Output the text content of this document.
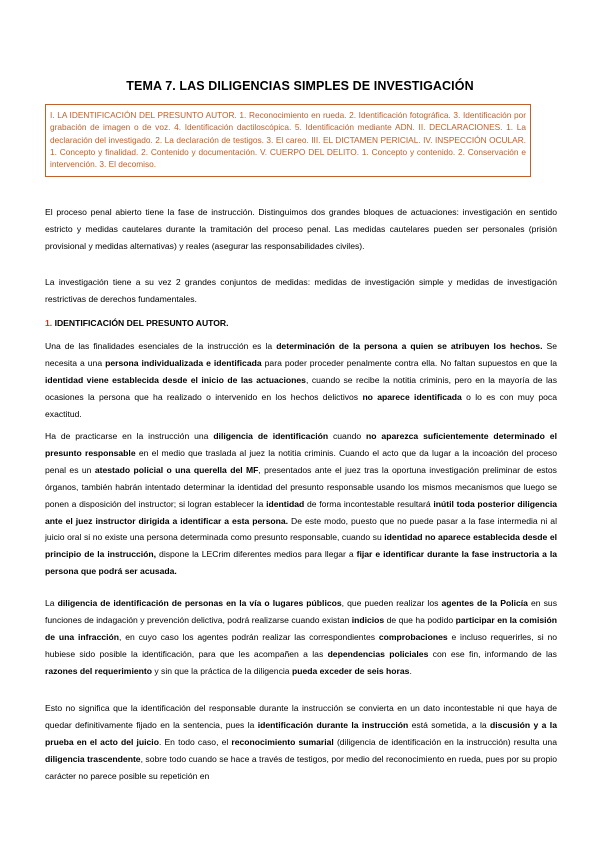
TEMA 7. LAS DILIGENCIAS SIMPLES DE INVESTIGACIÓN
I. LA IDENTIFICACIÓN DEL PRESUNTO AUTOR. 1. Reconocimiento en rueda. 2. Identificación fotográfica. 3. Identificación por grabación de imagen o de voz. 4. Identificación dactiloscópica. 5. Identificación mediante ADN. II. DECLARACIONES. 1. La declaración del investigado. 2. La declaración de testigos. 3. El careo. III. EL DICTAMEN PERICIAL. IV. INSPECCIÓN OCULAR. 1. Concepto y finalidad. 2. Contenido y documentación. V. CUERPO DEL DELITO. 1. Concepto y contenido. 2. Conservación e intervención. 3. El decomiso.

El proceso penal abierto tiene la fase de instrucción. Distinguimos dos grandes bloques de actuaciones: investigación en sentido estricto y medidas cautelares durante la tramitación del proceso penal. Las medidas cautelares pueden ser personales (prisión provisional y medidas alternativas) y reales (asegurar las responsabilidades civiles).

La investigación tiene a su vez 2 grandes conjuntos de medidas: medidas de investigación simple y medidas de investigación restrictivas de derechos fundamentales.

1. IDENTIFICACIÓN DEL PRESUNTO AUTOR.

Una de las finalidades esenciales de la instrucción es la determinación de la persona a quien se atribuyen los hechos. Se necesita a una persona individualizada e identificada para poder proceder penalmente contra ella. No faltan supuestos en que la identidad viene establecida desde el inicio de las actuaciones, cuando se recibe la notitia criminis, pero en la mayoría de las ocasiones la persona que ha realizado o intervenido en los hechos delictivos no aparece identificada o lo es con muy poca exactitud.

Ha de practicarse en la instrucción una diligencia de identificación cuando no aparezca suficientemente determinado el presunto responsable en el medio que traslada al juez la notitia criminis. Cuando el acto que da lugar a la incoación del proceso penal es un atestado policial o una querella del MF, presentados ante el juez tras la oportuna investigación preliminar de estos órganos, también habrán intentado determinar la identidad del presunto responsable usando los mismos mecanismos que luego se ponen a disposición del instructor; si logran establecer la identidad de forma incontestable resultará inútil toda posterior diligencia ante el juez instructor dirigida a identificar a esta persona. De este modo, puesto que no puede pasar a la fase intermedia ni al juicio oral si no existe una persona determinada como presunto responsable, cuando su identidad no aparece establecida desde el principio de la instrucción, dispone la LECrim diferentes medios para llegar a fijar e identificar durante la fase instructoria a la persona que podrá ser acusada.

La diligencia de identificación de personas en la vía o lugares públicos, que pueden realizar los agentes de la Policía en sus funciones de indagación y prevención delictiva, podrá realizarse cuando existan indicios de que ha podido participar en la comisión de una infracción, en cuyo caso los agentes podrán realizar las correspondientes comprobaciones e incluso requerirles, si no hubiese sido posible la identificación, para que les acompañen a las dependencias policiales con ese fin, informando de las razones del requerimiento y sin que la práctica de la diligencia pueda exceder de seis horas.

Esto no significa que la identificación del responsable durante la instrucción se convierta en un dato incontestable ni que haya de quedar definitivamente fijado en la sentencia, pues la identificación durante la instrucción está sometida, a la discusión y a la prueba en el acto del juicio. En todo caso, el reconocimiento sumarial (diligencia de identificación en la instrucción) resulta una diligencia trascendente, sobre todo cuando se hace a través de testigos, por medio del reconocimiento en rueda, pues por su propio carácter no parece posible su repetición en
